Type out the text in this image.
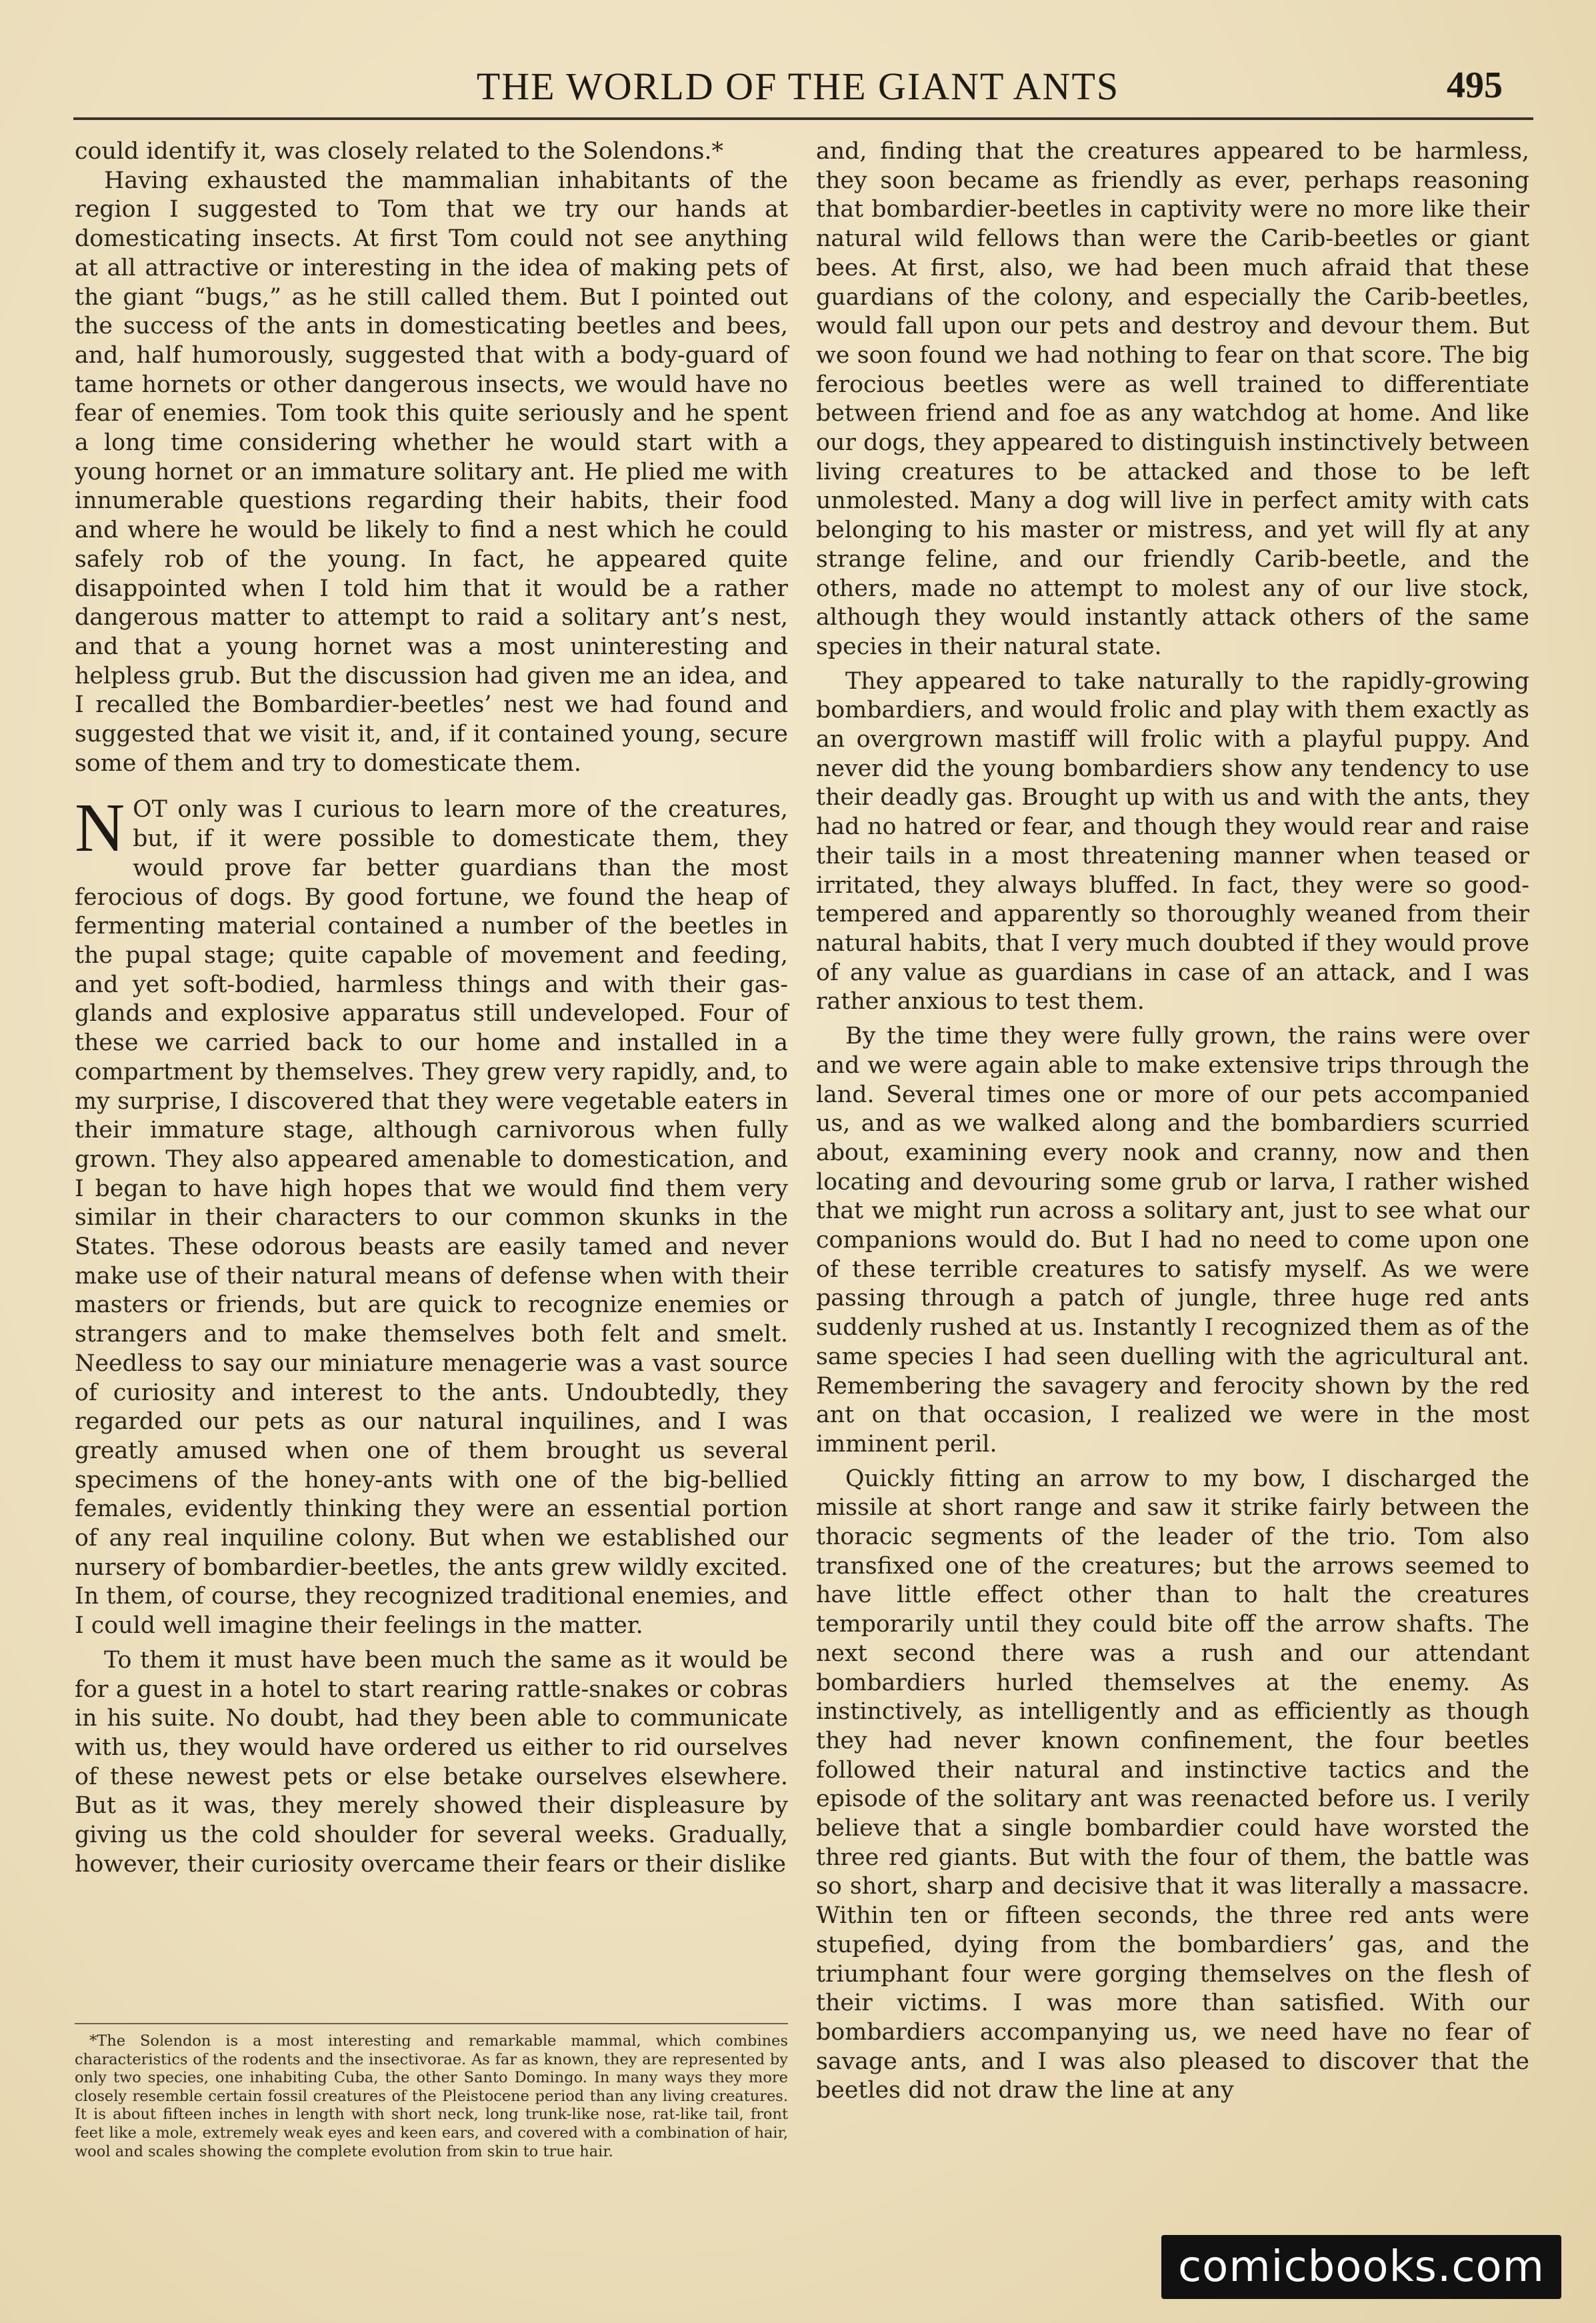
THE WORLD OF THE GIANT ANTS	495

could identify it, was closely related to the Solendons.*

Having exhausted the mammalian inhabitants of the region I suggested to Tom that we try our hands at domesticating insects. At first Tom could not see anything at all attractive or interesting in the idea of making pets of the giant “bugs,” as he still called them. But I pointed out the success of the ants in domesticating beetles and bees, and, half humorously, suggested that with a body-guard of tame hornets or other dangerous insects, we would have no fear of enemies. Tom took this quite seriously and he spent a long time considering whether he would start with a young hornet or an immature solitary ant. He plied me with innumerable questions regarding their habits, their food and where he would be likely to find a nest which he could safely rob of the young. In fact, he appeared quite disappointed when I told him that it would be a rather dangerous matter to attempt to raid a solitary ant’s nest, and that a young hornet was a most uninteresting and helpless grub. But the discussion had given me an idea, and I recalled the Bombardier-beetles’ nest we had found and suggested that we visit it, and, if it contained young, secure some of them and try to domesticate them.

NOT only was I curious to learn more of the creatures, but, if it were possible to domesticate them, they would prove far better guardians than the most ferocious of dogs. By good fortune, we found the heap of fermenting material contained a number of the beetles in the pupal stage; quite capable of movement and feeding, and yet soft-bodied, harmless things and with their gas-glands and explosive apparatus still undeveloped. Four of these we carried back to our home and installed in a compartment by themselves. They grew very rapidly, and, to my surprise, I discovered that they were vegetable eaters in their immature stage, although carnivorous when fully grown. They also appeared amenable to domestication, and I began to have high hopes that we would find them very similar in their characters to our common skunks in the States. These odorous beasts are easily tamed and never make use of their natural means of defense when with their masters or friends, but are quick to recognize enemies or strangers and to make themselves both felt and smelt. Needless to say our miniature menagerie was a vast source of curiosity and interest to the ants. Undoubtedly, they regarded our pets as our natural inquilines, and I was greatly amused when one of them brought us several specimens of the honey-ants with one of the big-bellied females, evidently thinking they were an essential portion of any real inquiline colony. But when we established our nursery of bombardier-beetles, the ants grew wildly excited. In them, of course, they recognized traditional enemies, and I could well imagine their feelings in the matter.

To them it must have been much the same as it would be for a guest in a hotel to start rearing rattle-snakes or cobras in his suite. No doubt, had they been able to communicate with us, they would have ordered us either to rid ourselves of these newest pets or else betake ourselves elsewhere. But as it was, they merely showed their displeasure by giving us the cold shoulder for several weeks. Gradually, however, their curiosity overcame their fears or their dislike

*The Solendon is a most interesting and remarkable mammal, which combines characteristics of the rodents and the insectivorae. As far as known, they are represented by only two species, one inhabiting Cuba, the other Santo Domingo. In many ways they more closely resemble certain fossil creatures of the Pleistocene period than any living creatures. It is about fifteen inches in length with short neck, long trunk-like nose, rat-like tail, front feet like a mole, extremely weak eyes and keen ears, and covered with a combination of hair, wool and scales showing the complete evolution from skin to true hair.

and, finding that the creatures appeared to be harmless, they soon became as friendly as ever, perhaps reasoning that bombardier-beetles in captivity were no more like their natural wild fellows than were the Carib-beetles or giant bees. At first, also, we had been much afraid that these guardians of the colony, and especially the Carib-beetles, would fall upon our pets and destroy and devour them. But we soon found we had nothing to fear on that score. The big ferocious beetles were as well trained to differentiate between friend and foe as any watchdog at home. And like our dogs, they appeared to distinguish instinctively between living creatures to be attacked and those to be left unmolested. Many a dog will live in perfect amity with cats belonging to his master or mistress, and yet will fly at any strange feline, and our friendly Carib-beetle, and the others, made no attempt to molest any of our live stock, although they would instantly attack others of the same species in their natural state.

They appeared to take naturally to the rapidly-growing bombardiers, and would frolic and play with them exactly as an overgrown mastiff will frolic with a playful puppy. And never did the young bombardiers show any tendency to use their deadly gas. Brought up with us and with the ants, they had no hatred or fear, and though they would rear and raise their tails in a most threatening manner when teased or irritated, they always bluffed. In fact, they were so good-tempered and apparently so thoroughly weaned from their natural habits, that I very much doubted if they would prove of any value as guardians in case of an attack, and I was rather anxious to test them.

By the time they were fully grown, the rains were over and we were again able to make extensive trips through the land. Several times one or more of our pets accompanied us, and as we walked along and the bombardiers scurried about, examining every nook and cranny, now and then locating and devouring some grub or larva, I rather wished that we might run across a solitary ant, just to see what our companions would do. But I had no need to come upon one of these terrible creatures to satisfy myself. As we were passing through a patch of jungle, three huge red ants suddenly rushed at us. Instantly I recognized them as of the same species I had seen duelling with the agricultural ant. Remembering the savagery and ferocity shown by the red ant on that occasion, I realized we were in the most imminent peril.

Quickly fitting an arrow to my bow, I discharged the missile at short range and saw it strike fairly between the thoracic segments of the leader of the trio. Tom also transfixed one of the creatures; but the arrows seemed to have little effect other than to halt the creatures temporarily until they could bite off the arrow shafts. The next second there was a rush and our attendant bombardiers hurled themselves at the enemy. As instinctively, as intelligently and as efficiently as though they had never known confinement, the four beetles followed their natural and instinctive tactics and the episode of the solitary ant was reenacted before us. I verily believe that a single bombardier could have worsted the three red giants. But with the four of them, the battle was so short, sharp and decisive that it was literally a massacre. Within ten or fifteen seconds, the three red ants were stupefied, dying from the bombardiers’ gas, and the triumphant four were gorging themselves on the flesh of their victims. I was more than satisfied. With our bombardiers accompanying us, we need have no fear of savage ants, and I was also pleased to discover that the beetles did not draw the line at any

comicbooks.com
